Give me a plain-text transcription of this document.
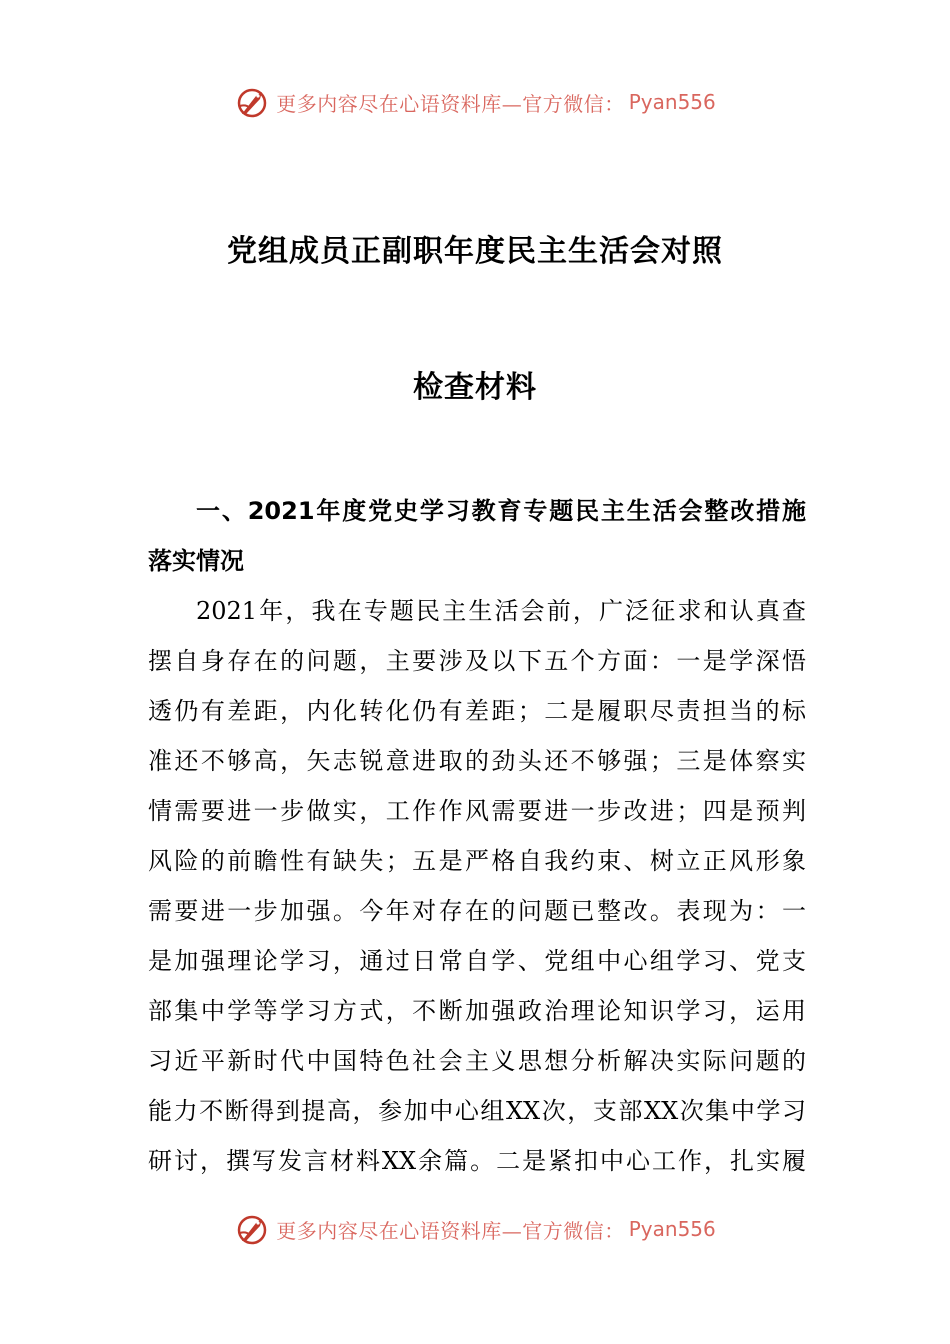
更多内容尽在心语资料库—官方微信： Pyan556
党组成员正副职年度民主生活会对照
检查材料
一、2021年度党史学习教育专题民主生活会整改措施
落实情况
2021年，我在专题民主生活会前，广泛征求和认真查
摆自身存在的问题，主要涉及以下五个方面：一是学深悟
透仍有差距，内化转化仍有差距；二是履职尽责担当的标
准还不够高，矢志锐意进取的劲头还不够强；三是体察实
情需要进一步做实，工作作风需要进一步改进；四是预判
风险的前瞻性有缺失；五是严格自我约束、树立正风形象
需要进一步加强。今年对存在的问题已整改。表现为：一
是加强理论学习，通过日常自学、党组中心组学习、党支
部集中学等学习方式，不断加强政治理论知识学习，运用
习近平新时代中国特色社会主义思想分析解决实际问题的
能力不断得到提高，参加中心组XX次，支部XX次集中学习
研讨，撰写发言材料XX余篇。二是紧扣中心工作，扎实履
更多内容尽在心语资料库—官方微信： Pyan556
